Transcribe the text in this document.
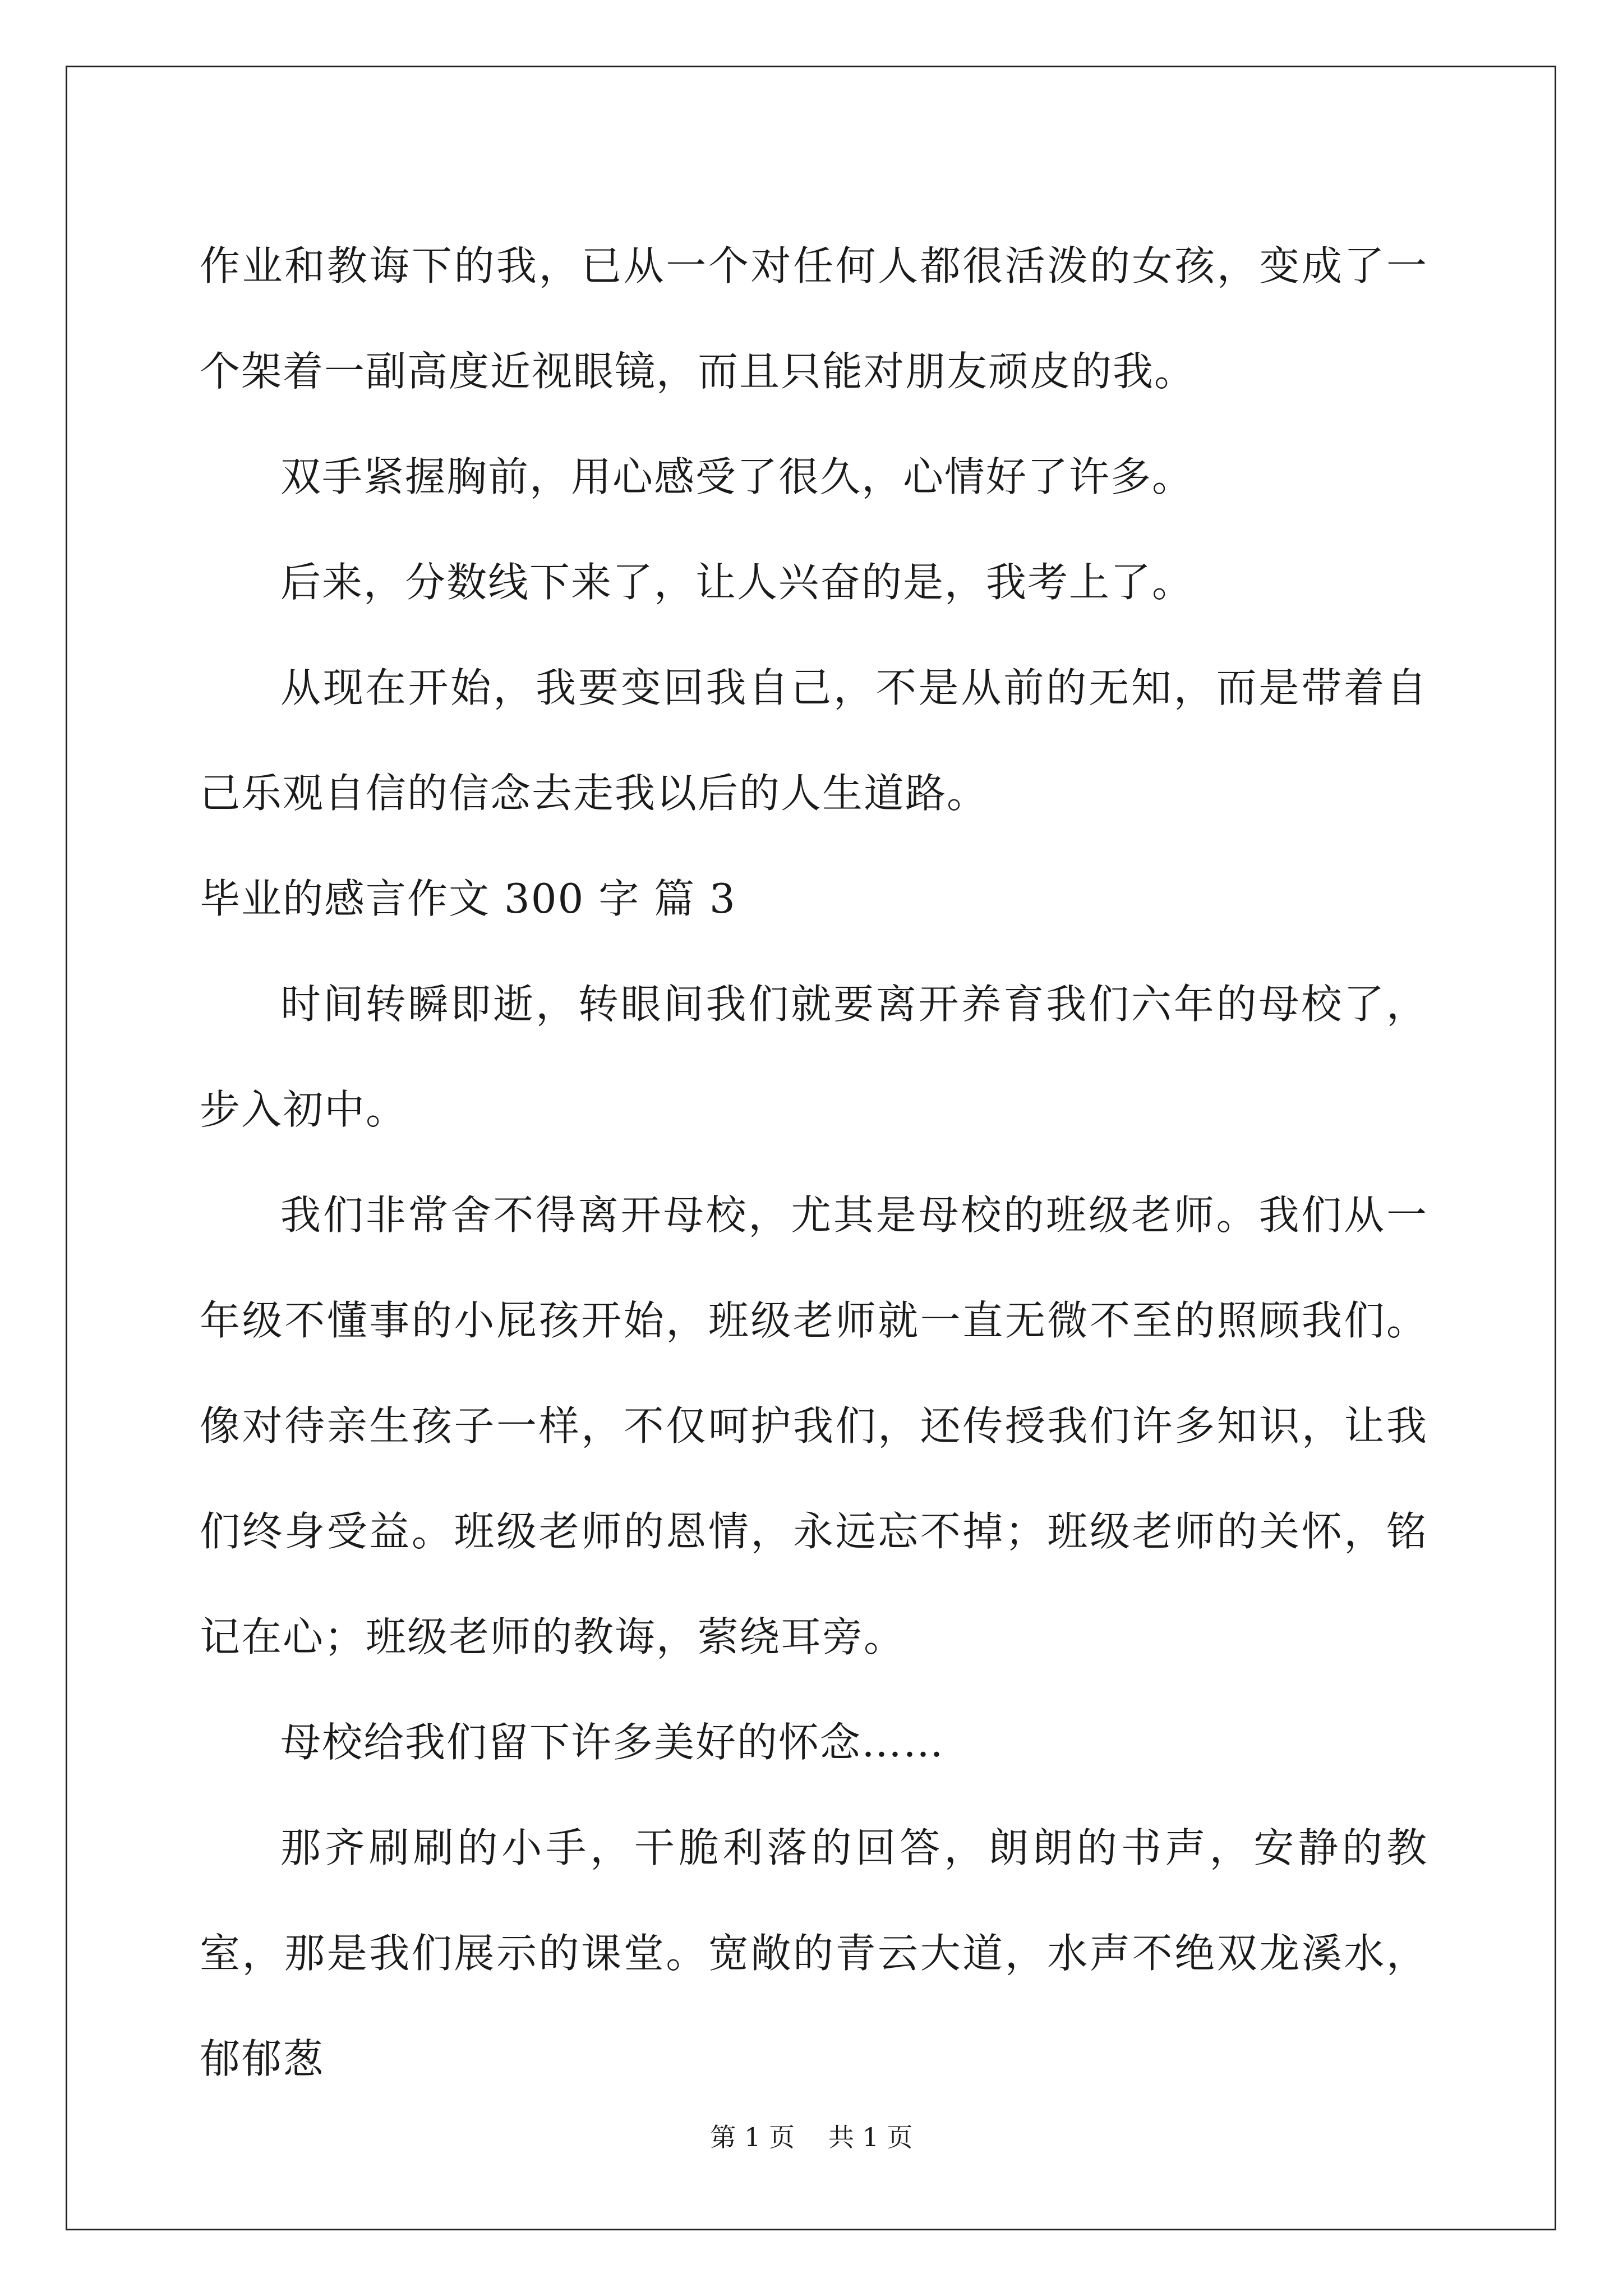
作业和教诲下的我，已从一个对任何人都很活泼的女孩，变成了一个架着一副高度近视眼镜，而且只能对朋友顽皮的我。

双手紧握胸前，用心感受了很久，心情好了许多。

后来，分数线下来了，让人兴奋的是，我考上了。

从现在开始，我要变回我自己，不是从前的无知，而是带着自己乐观自信的信念去走我以后的人生道路。

毕业的感言作文 300 字 篇 3

时间转瞬即逝，转眼间我们就要离开养育我们六年的母校了，步入初中。

我们非常舍不得离开母校，尤其是母校的班级老师。我们从一年级不懂事的小屁孩开始，班级老师就一直无微不至的照顾我们。像对待亲生孩子一样，不仅呵护我们，还传授我们许多知识，让我们终身受益。班级老师的恩情，永远忘不掉；班级老师的关怀，铭记在心；班级老师的教诲，萦绕耳旁。

母校给我们留下许多美好的怀念……

那齐刷刷的小手，干脆利落的回答，朗朗的书声，安静的教室，那是我们展示的课堂。宽敞的青云大道，水声不绝双龙溪水，郁郁葱

第 1 页 共 1 页
